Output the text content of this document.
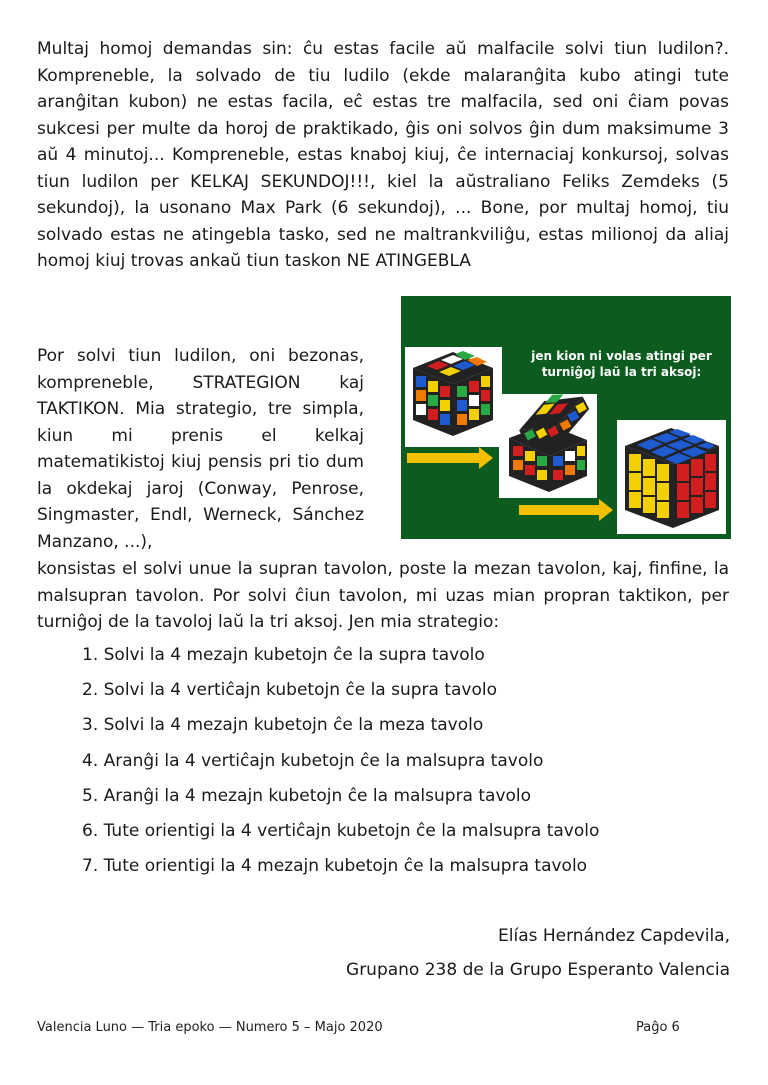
Multaj homoj demandas sin: ĉu estas facile aŭ malfacile solvi tiun ludilon?. Kompreneble, la solvado de tiu ludilo (ekde malaranĝita kubo atingi tute aranĝitan kubon) ne estas facila, eĉ estas tre malfacila, sed oni ĉiam povas sukcesi per multe da horoj de praktikado, ĝis oni solvos ĝin dum maksimume 3 aŭ 4 minutoj... Kompreneble, estas knaboj kiuj, ĉe internaciaj konkursoj, solvas tiun ludilon per KELKAJ SEKUNDOJ!!!, kiel la aŭstraliano Feliks Zemdeks (5 sekundoj), la usonano Max Park (6 sekundoj), ... Bone, por multaj homoj, tiu solvado estas ne atingebla tasko, sed ne maltrankviliĝu, estas milionoj da aliaj homoj kiuj trovas ankaŭ tiun taskon NE ATINGEBLA

jen kion ni volas atingi per turniĝoj laŭ la tri aksoj:

Por solvi tiun ludilon, oni bezonas, kompreneble, STRATEGION kaj TAKTIKON. Mia strategio, tre simpla, kiun mi prenis el kelkaj matematikistoj kiuj pensis pri tio dum la okdekaj jaroj (Conway, Penrose, Singmaster, Endl, Werneck, Sánchez Manzano, ...),

konsistas el solvi unue la supran tavolon, poste la mezan tavolon, kaj, finfine, la malsupran tavolon. Por solvi ĉiun tavolon, mi uzas mian propran taktikon, per turniĝoj de la tavoloj laŭ la tri aksoj. Jen mia strategio:

1. Solvi la 4 mezajn kubetojn ĉe la supra tavolo
2. Solvi la 4 vertiĉajn kubetojn ĉe la supra tavolo
3. Solvi la 4 mezajn kubetojn ĉe la meza tavolo
4. Aranĝi la 4 vertiĉajn kubetojn ĉe la malsupra tavolo
5. Aranĝi la 4 mezajn kubetojn ĉe la malsupra tavolo
6. Tute orientigi la 4 vertiĉajn kubetojn ĉe la malsupra tavolo
7. Tute orientigi la 4 mezajn kubetojn ĉe la malsupra tavolo

Elías Hernández Capdevila,

Grupano 238 de la Grupo Esperanto Valencia

Valencia Luno — Tria epoko — Numero 5 – Majo 2020	Paĝo 6
